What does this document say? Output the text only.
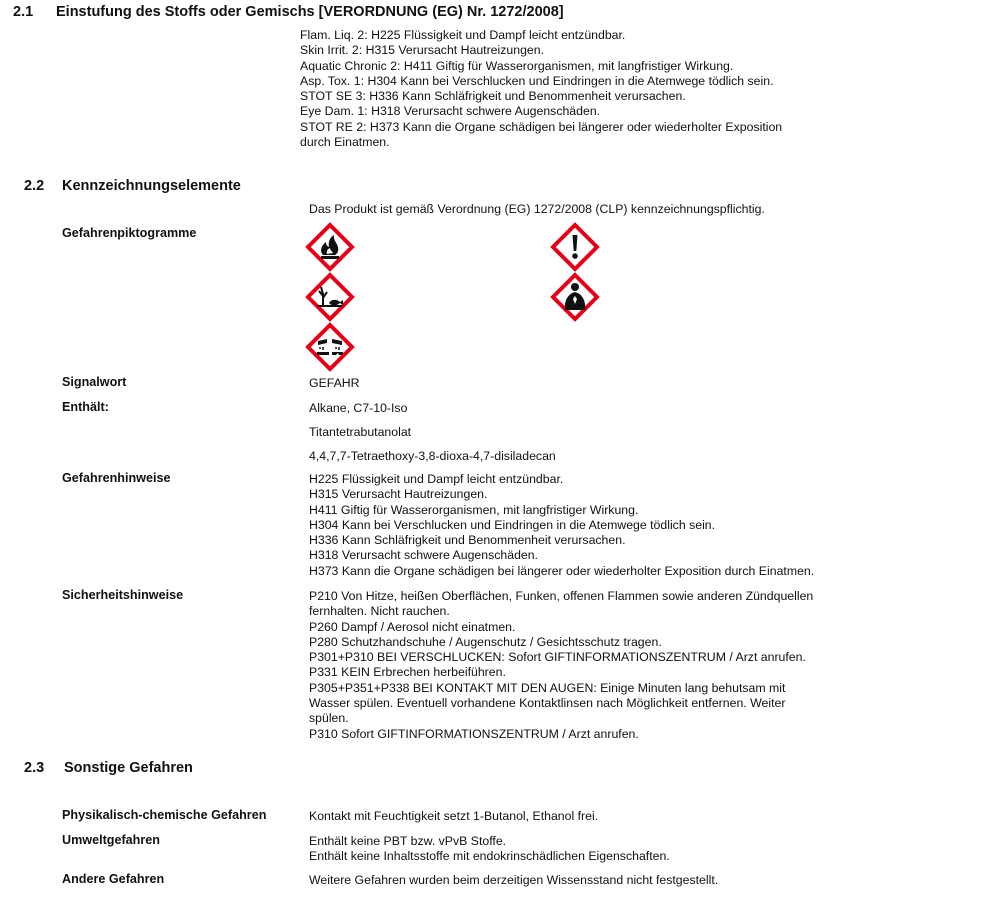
2.1 Einstufung des Stoffs oder Gemischs [VERORDNUNG (EG) Nr. 1272/2008]
Flam. Liq. 2: H225 Flüssigkeit und Dampf leicht entzündbar.
Skin Irrit. 2: H315 Verursacht Hautreizungen.
Aquatic Chronic 2: H411 Giftig für Wasserorganismen, mit langfristiger Wirkung.
Asp. Tox. 1: H304 Kann bei Verschlucken und Eindringen in die Atemwege tödlich sein.
STOT SE 3: H336 Kann Schläfrigkeit und Benommenheit verursachen.
Eye Dam. 1: H318 Verursacht schwere Augenschäden.
STOT RE 2: H373 Kann die Organe schädigen bei längerer oder wiederholter Exposition
durch Einatmen.
2.2 Kennzeichnungselemente
Das Produkt ist gemäß Verordnung (EG) 1272/2008 (CLP) kennzeichnungspflichtig.
Gefahrenpiktogramme
Signalwort	GEFAHR
Enthält:	Alkane, C7-10-Iso
Titantetrabutanolat
4,4,7,7-Tetraethoxy-3,8-dioxa-4,7-disiladecan
Gefahrenhinweise	H225 Flüssigkeit und Dampf leicht entzündbar.
H315 Verursacht Hautreizungen.
H411 Giftig für Wasserorganismen, mit langfristiger Wirkung.
H304 Kann bei Verschlucken und Eindringen in die Atemwege tödlich sein.
H336 Kann Schläfrigkeit und Benommenheit verursachen.
H318 Verursacht schwere Augenschäden.
H373 Kann die Organe schädigen bei längerer oder wiederholter Exposition durch Einatmen.
Sicherheitshinweise	P210 Von Hitze, heißen Oberflächen, Funken, offenen Flammen sowie anderen Zündquellen
fernhalten. Nicht rauchen.
P260 Dampf / Aerosol nicht einatmen.
P280 Schutzhandschuhe / Augenschutz / Gesichtsschutz tragen.
P301+P310 BEI VERSCHLUCKEN: Sofort GIFTINFORMATIONSZENTRUM / Arzt anrufen.
P331 KEIN Erbrechen herbeiführen.
P305+P351+P338 BEI KONTAKT MIT DEN AUGEN: Einige Minuten lang behutsam mit
Wasser spülen. Eventuell vorhandene Kontaktlinsen nach Möglichkeit entfernen. Weiter
spülen.
P310 Sofort GIFTINFORMATIONSZENTRUM / Arzt anrufen.
2.3 Sonstige Gefahren
Physikalisch-chemische Gefahren	Kontakt mit Feuchtigkeit setzt 1-Butanol, Ethanol frei.
Umweltgefahren	Enthält keine PBT bzw. vPvB Stoffe.
Enthält keine Inhaltsstoffe mit endokrinschädlichen Eigenschaften.
Andere Gefahren	Weitere Gefahren wurden beim derzeitigen Wissensstand nicht festgestellt.
